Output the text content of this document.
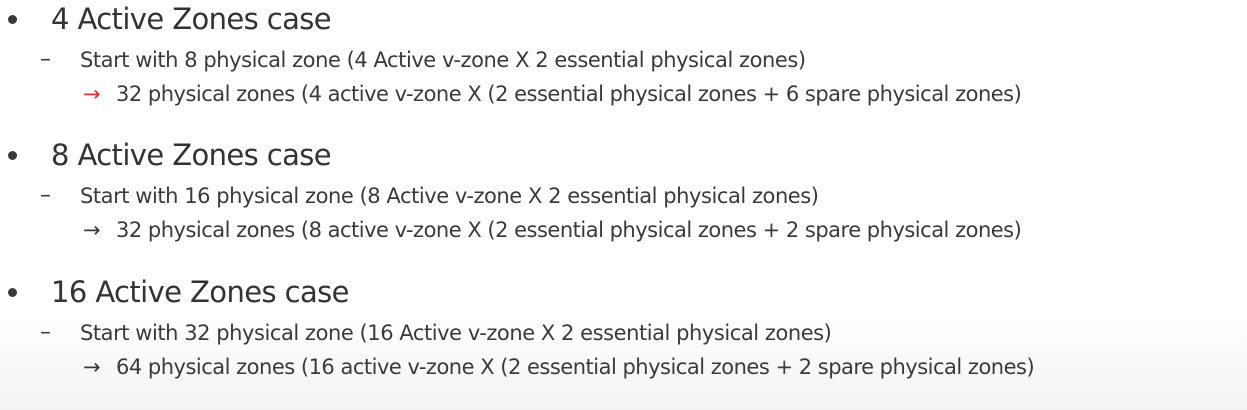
4 Active Zones case
– Start with 8 physical zone (4 Active v-zone X 2 essential physical zones)
→ 32 physical zones (4 active v-zone X (2 essential physical zones + 6 spare physical zones)
8 Active Zones case
– Start with 16 physical zone (8 Active v-zone X 2 essential physical zones)
→ 32 physical zones (8 active v-zone X (2 essential physical zones + 2 spare physical zones)
16 Active Zones case
– Start with 32 physical zone (16 Active v-zone X 2 essential physical zones)
→ 64 physical zones (16 active v-zone X (2 essential physical zones + 2 spare physical zones)
